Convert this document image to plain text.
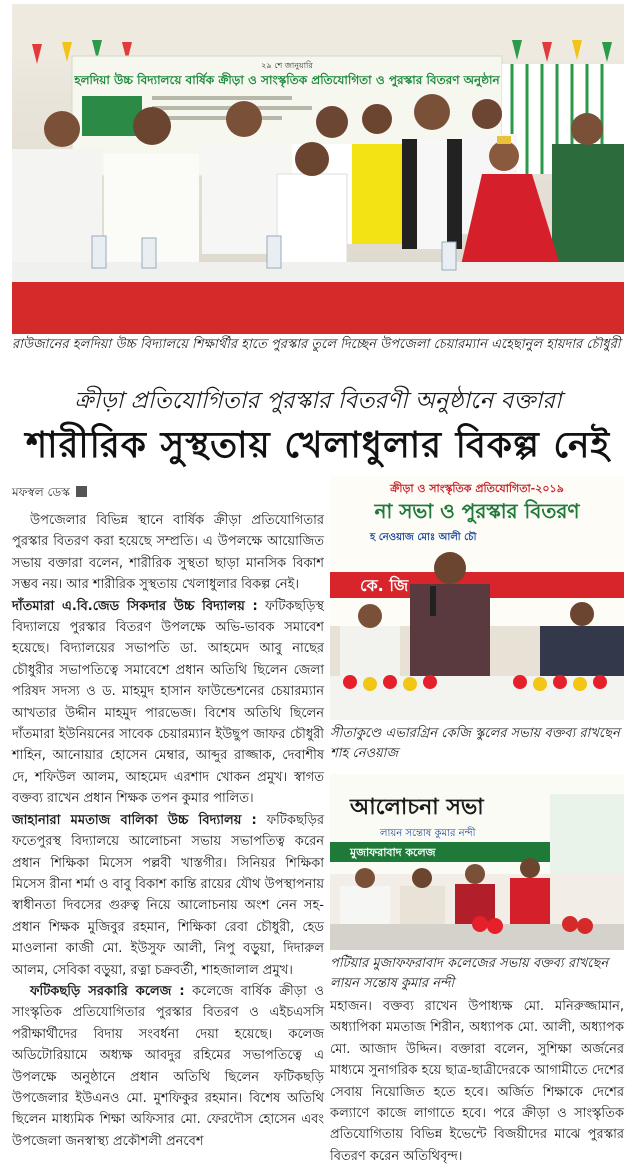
২৯ শে জানুয়ারি
হলদিয়া উচ্চ বিদ্যালয়ে বার্ষিক ক্রীড়া ও সাংস্কৃতিক প্রতিযোগিতা ও পুরস্কার বিতরণ অনুষ্ঠান
রাউজানের হলদিয়া উচ্চ বিদ্যালয়ে শিক্ষার্থীর হাতে পুরস্কার তুলে দিচ্ছেন উপজেলা চেয়ারম্যান এহেছানুল হায়দার চৌধুরী
ক্রীড়া প্রতিযোগিতার পুরস্কার বিতরণী অনুষ্ঠানে বক্তারা
শারীরিক সুস্থতায় খেলাধুলার বিকল্প নেই
মফস্বল ডেস্ক

উপজেলার বিভিন্ন স্থানে বার্ষিক ক্রীড়া প্রতিযোগিতার পুরস্কার বিতরণ করা হয়েছে সম্প্রতি। এ উপলক্ষে আয়োজিত সভায় বক্তারা বলেন, শারীরিক সুস্থতা ছাড়া মানসিক বিকাশ সম্ভব নয়। আর শারীরিক সুস্থতায় খেলাধুলার বিকল্প নেই।

দাঁতমারা এ.বি.জেড সিকদার উচ্চ বিদ্যালয় : ফটিকছড়িস্থ বিদ্যালয়ে পুরস্কার বিতরণ উপলক্ষে অভি-ভাবক সমাবেশ হয়েছে। বিদ্যালয়ের সভাপতি ডা. আহমেদ আবু নাছের চৌধুরীর সভাপতিত্বে সমাবেশে প্রধান অতিথি ছিলেন জেলা পরিষদ সদস্য ও ড. মাহমুদ হাসান ফাউন্ডেশনের চেয়ারম্যান আখতার উদ্দীন মাহমুদ পারভেজ। বিশেষ অতিথি ছিলেন দাঁতমারা ইউনিয়নের সাবেক চেয়ারম্যান ইউছুপ জাফর চৌধুরী শাহিন, আনোয়ার হোসেন মেম্বার, আব্দুর রাজ্জাক, দেবাশীষ দে, শফিউল আলম, আহমেদ এরশাদ খোকন প্রমুখ। স্বাগত বক্তব্য রাখেন প্রধান শিক্ষক তপন কুমার পালিত।

জাহানারা মমতাজ বালিকা উচ্চ বিদ্যালয় : ফটিকছড়ির ফতেপুরস্থ বিদ্যালয়ে আলোচনা সভায় সভাপতিত্ব করেন প্রধান শিক্ষিকা মিসেস পল্লবী খাস্তগীর। সিনিয়র শিক্ষিকা মিসেস রীনা শর্মা ও বাবু বিকাশ কান্তি রায়ের যৌথ উপস্থাপনায় স্বাধীনতা দিবসের গুরুত্ব নিয়ে আলোচনায় অংশ নেন সহ-প্রধান শিক্ষক মুজিবুর রহমান, শিক্ষিকা রেবা চৌধুরী, হেড মাওলানা কাজী মো. ইউসুফ আলী, নিপু বড়ুয়া, দিদারুল আলম, সেবিকা বড়ুয়া, রত্না চক্রবর্তী, শাহজালাল প্রমুখ।

ফটিকছড়ি সরকারি কলেজ : কলেজে বার্ষিক ক্রীড়া ও সাংস্কৃতিক প্রতিযোগিতার পুরস্কার বিতরণ ও এইচএসসি পরীক্ষার্থীদের বিদায় সংবর্ধনা দেয়া হয়েছে। কলেজ অডিটোরিয়ামে অধ্যক্ষ আবদুর রহিমের সভাপতিত্বে এ উপলক্ষে অনুষ্ঠানে প্রধান অতিথি ছিলেন ফটিকছড়ি উপজেলার ইউএনও মো. মুশফিকুর রহমান। বিশেষ অতিথি ছিলেন মাধ্যমিক শিক্ষা অফিসার মো. ফেরদৌস হোসেন এবং উপজেলা জনস্বাস্থ্য প্রকৌশলী প্রনবেশ

ক্রীড়া ও সাংস্কৃতিক প্রতিযোগিতা-২০১৯
না সভা ও পুরস্কার বিতরণ
হ নেওয়াজ মোঃ আলী চৌ
কে. জি
সীতাকুণ্ডে এভারগ্রিন কেজি স্কুলের সভায় বক্তব্য রাখছেন শাহ নেওয়াজ
আলোচনা সভা
লায়ন সন্তোষ কুমার নন্দী
মুজাফরাবাদ কলেজ
পটিয়ার মুজাফফরাবাদ কলেজের সভায় বক্তব্য রাখছেন লায়ন সন্তোষ কুমার নন্দী

মহাজন। বক্তব্য রাখেন উপাধ্যক্ষ মো. মনিরুজ্জামান, অধ্যাপিকা মমতাজ শিরীন, অধ্যাপক মো. আলী, অধ্যাপক মো. আজাদ উদ্দিন। বক্তারা বলেন, সুশিক্ষা অর্জনের মাধ্যমে সুনাগরিক হয়ে ছাত্র-ছাত্রীদেরকে আগামীতে দেশের সেবায় নিয়োজিত হতে হবে। অর্জিত শিক্ষাকে দেশের কল্যাণে কাজে লাগাতে হবে। পরে ক্রীড়া ও সাংস্কৃতিক প্রতিযোগিতায় বিভিন্ন ইভেন্টে বিজয়ীদের মাঝে পুরস্কার বিতরণ করেন অতিথিবৃন্দ।
